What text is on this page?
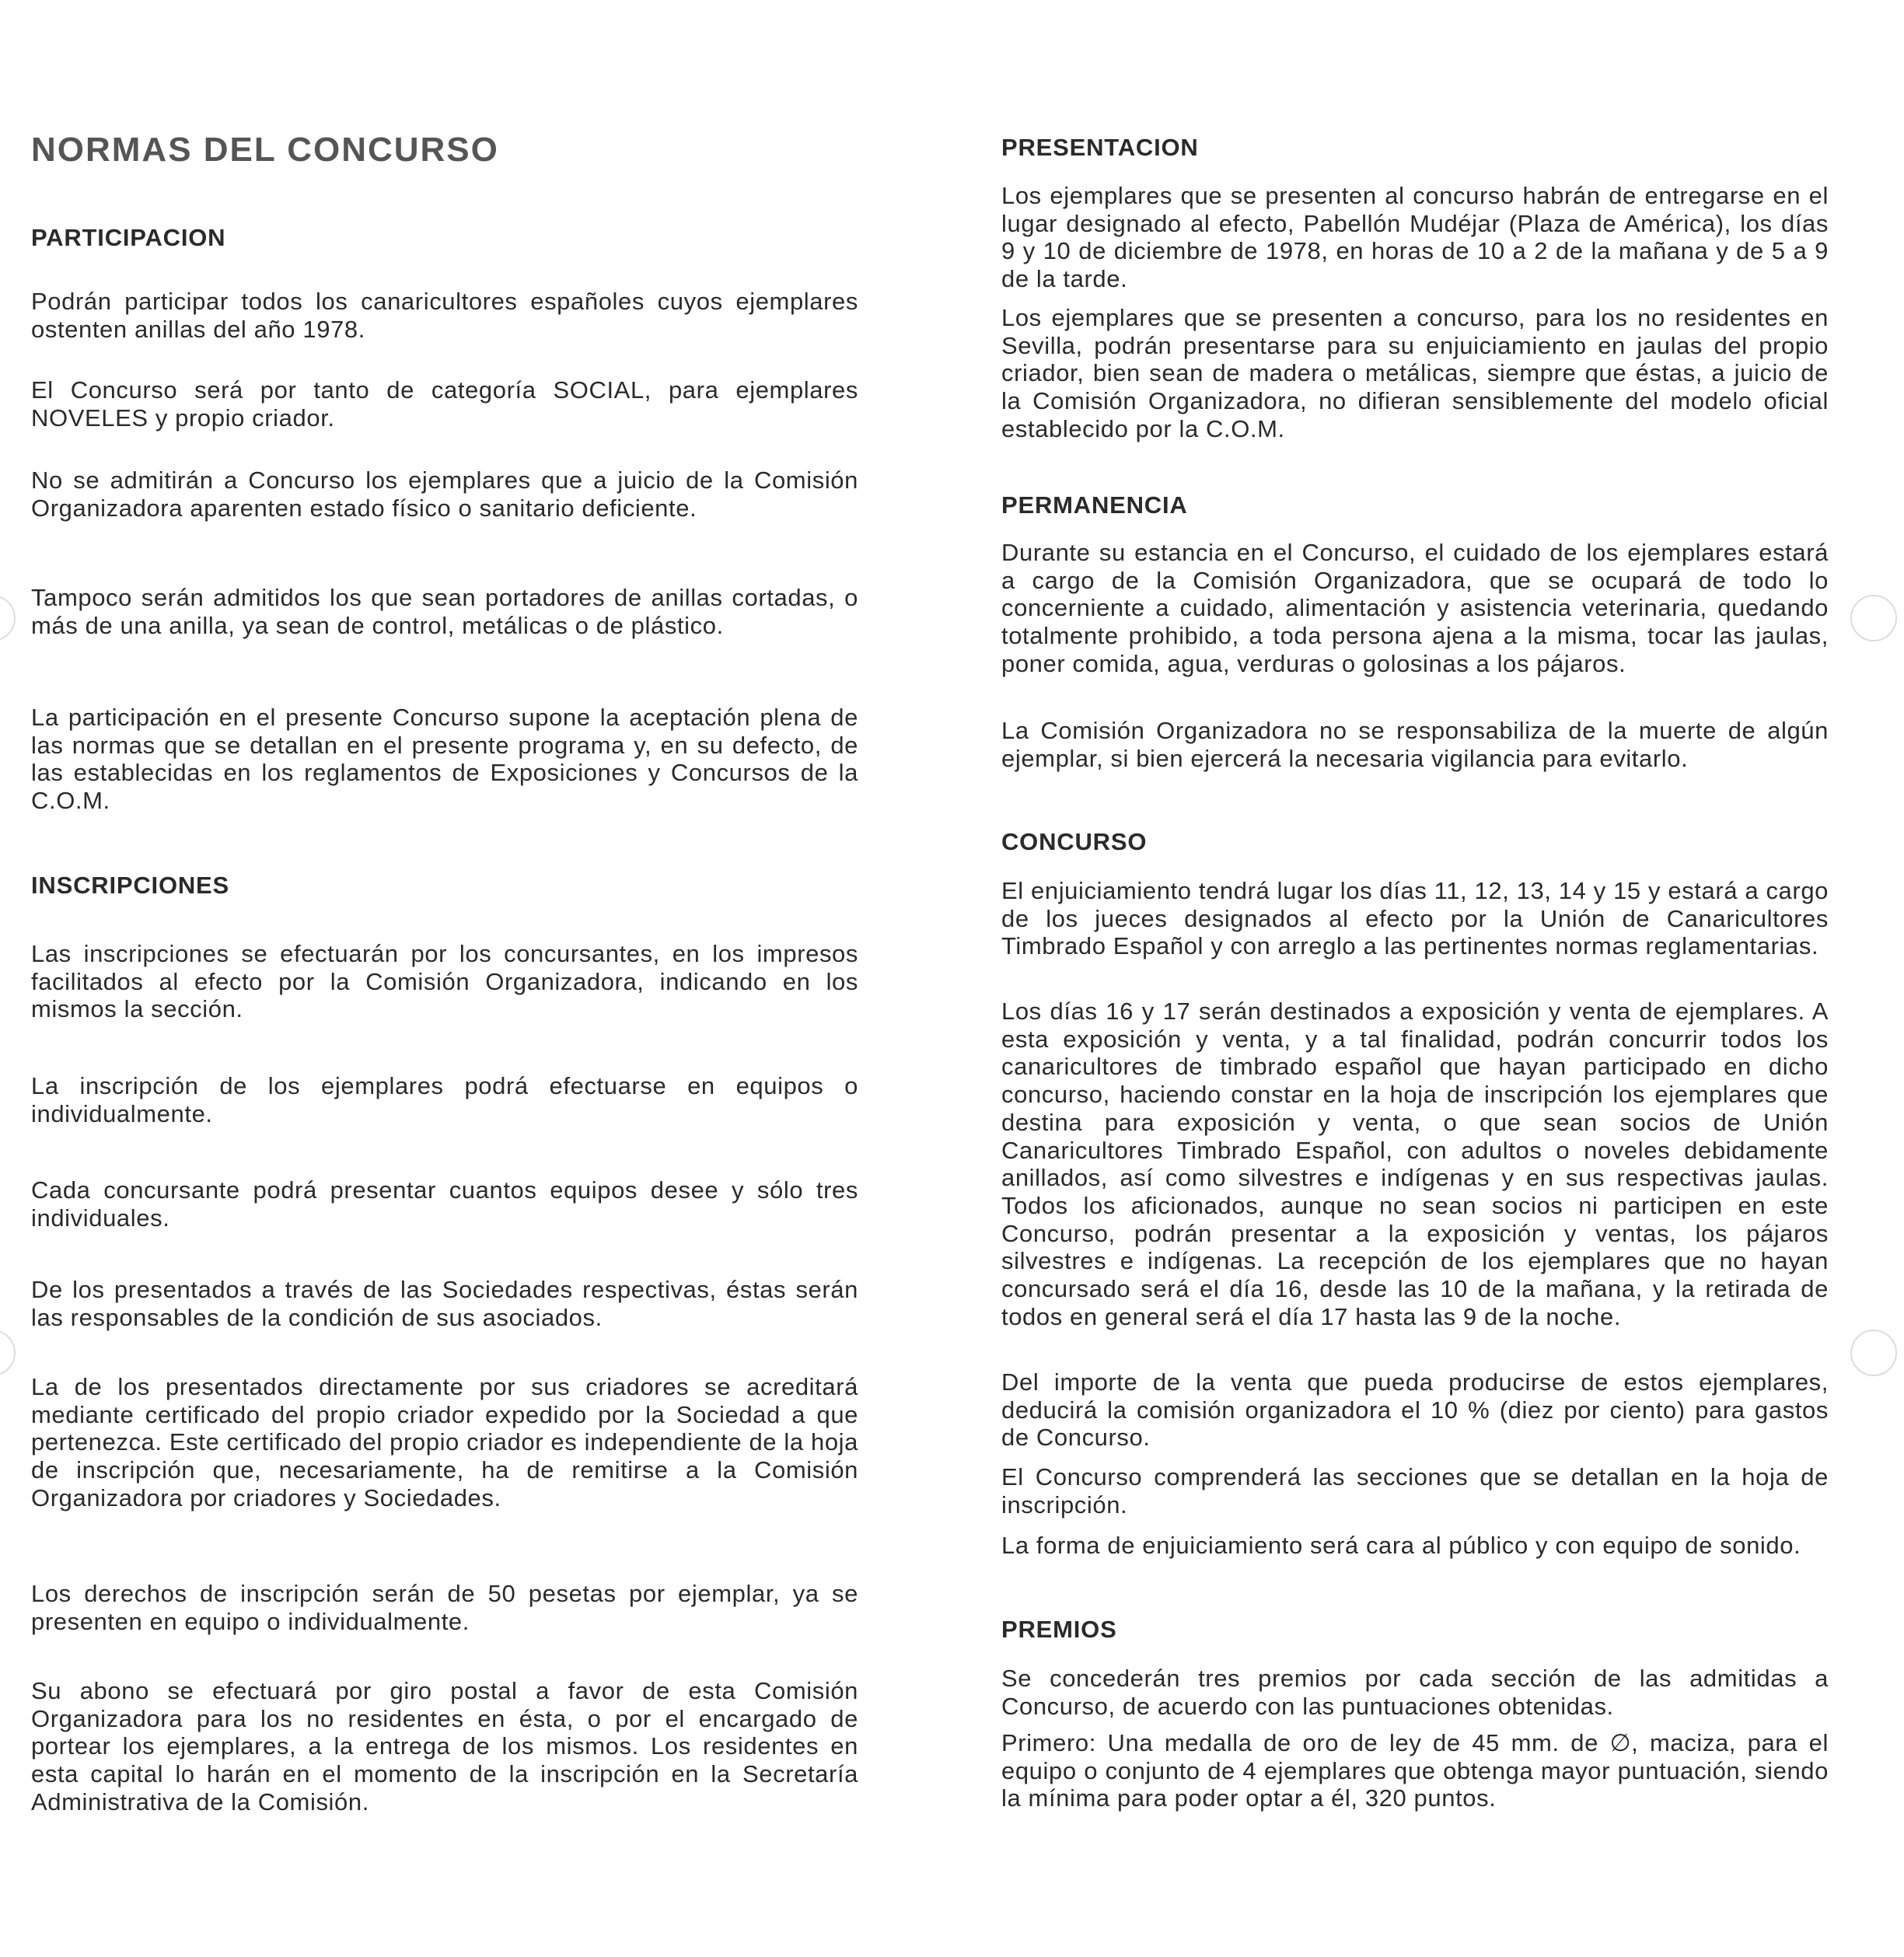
NORMAS DEL CONCURSO
PARTICIPACION

Podrán participar todos los canaricultores españoles cuyos ejemplares ostenten anillas del año 1978.

El Concurso será por tanto de categoría SOCIAL, para ejemplares NOVELES y propio criador.

No se admitirán a Concurso los ejemplares que a juicio de la Comisión Organizadora aparenten estado físico o sanitario deficiente.

Tampoco serán admitidos los que sean portadores de anillas cortadas, o más de una anilla, ya sean de control, metálicas o de plástico.

La participación en el presente Concurso supone la aceptación plena de las normas que se detallan en el presente programa y, en su defecto, de las establecidas en los reglamentos de Exposiciones y Concursos de la C.O.M.

INSCRIPCIONES

Las inscripciones se efectuarán por los concursantes, en los impresos facilitados al efecto por la Comisión Organizadora, indicando en los mismos la sección.

La inscripción de los ejemplares podrá efectuarse en equipos o individualmente.

Cada concursante podrá presentar cuantos equipos desee y sólo tres individuales.

De los presentados a través de las Sociedades respectivas, éstas serán las responsables de la condición de sus asociados.

La de los presentados directamente por sus criadores se acreditará mediante certificado del propio criador expedido por la Sociedad a que pertenezca. Este certificado del propio criador es independiente de la hoja de inscripción que, necesariamente, ha de remitirse a la Comisión Organizadora por criadores y Sociedades.

Los derechos de inscripción serán de 50 pesetas por ejemplar, ya se presenten en equipo o individualmente.

Su abono se efectuará por giro postal a favor de esta Comisión Organizadora para los no residentes en ésta, o por el encargado de portear los ejemplares, a la entrega de los mismos. Los residentes en esta capital lo harán en el momento de la inscripción en la Secretaría Administrativa de la Comisión.

PRESENTACION

Los ejemplares que se presenten al concurso habrán de entregarse en el lugar designado al efecto, Pabellón Mudéjar (Plaza de América), los días 9 y 10 de diciembre de 1978, en horas de 10 a 2 de la mañana y de 5 a 9 de la tarde.

Los ejemplares que se presenten a concurso, para los no residentes en Sevilla, podrán presentarse para su enjuiciamiento en jaulas del propio criador, bien sean de madera o metálicas, siempre que éstas, a juicio de la Comisión Organizadora, no difieran sensiblemente del modelo oficial establecido por la C.O.M.

PERMANENCIA

Durante su estancia en el Concurso, el cuidado de los ejemplares estará a cargo de la Comisión Organizadora, que se ocupará de todo lo concerniente a cuidado, alimentación y asistencia veterinaria, quedando totalmente prohibido, a toda persona ajena a la misma, tocar las jaulas, poner comida, agua, verduras o golosinas a los pájaros.

La Comisión Organizadora no se responsabiliza de la muerte de algún ejemplar, si bien ejercerá la necesaria vigilancia para evitarlo.

CONCURSO

El enjuiciamiento tendrá lugar los días 11, 12, 13, 14 y 15 y estará a cargo de los jueces designados al efecto por la Unión de Canaricultores Timbrado Español y con arreglo a las pertinentes normas reglamentarias.

Los días 16 y 17 serán destinados a exposición y venta de ejemplares. A esta exposición y venta, y a tal finalidad, podrán concurrir todos los canaricultores de timbrado español que hayan participado en dicho concurso, haciendo constar en la hoja de inscripción los ejemplares que destina para exposición y venta, o que sean socios de Unión Canaricultores Timbrado Español, con adultos o noveles debidamente anillados, así como silvestres e indígenas y en sus respectivas jaulas. Todos los aficionados, aunque no sean socios ni participen en este Concurso, podrán presentar a la exposición y ventas, los pájaros silvestres e indígenas. La recepción de los ejemplares que no hayan concursado será el día 16, desde las 10 de la mañana, y la retirada de todos en general será el día 17 hasta las 9 de la noche.

Del importe de la venta que pueda producirse de estos ejemplares, deducirá la comisión organizadora el 10 % (diez por ciento) para gastos de Concurso.

El Concurso comprenderá las secciones que se detallan en la hoja de inscripción.

La forma de enjuiciamiento será cara al público y con equipo de sonido.

PREMIOS

Se concederán tres premios por cada sección de las admitidas a Concurso, de acuerdo con las puntuaciones obtenidas.

Primero: Una medalla de oro de ley de 45 mm. de ∅, maciza, para el equipo o conjunto de 4 ejemplares que obtenga mayor puntuación, siendo la mínima para poder optar a él, 320 puntos.
